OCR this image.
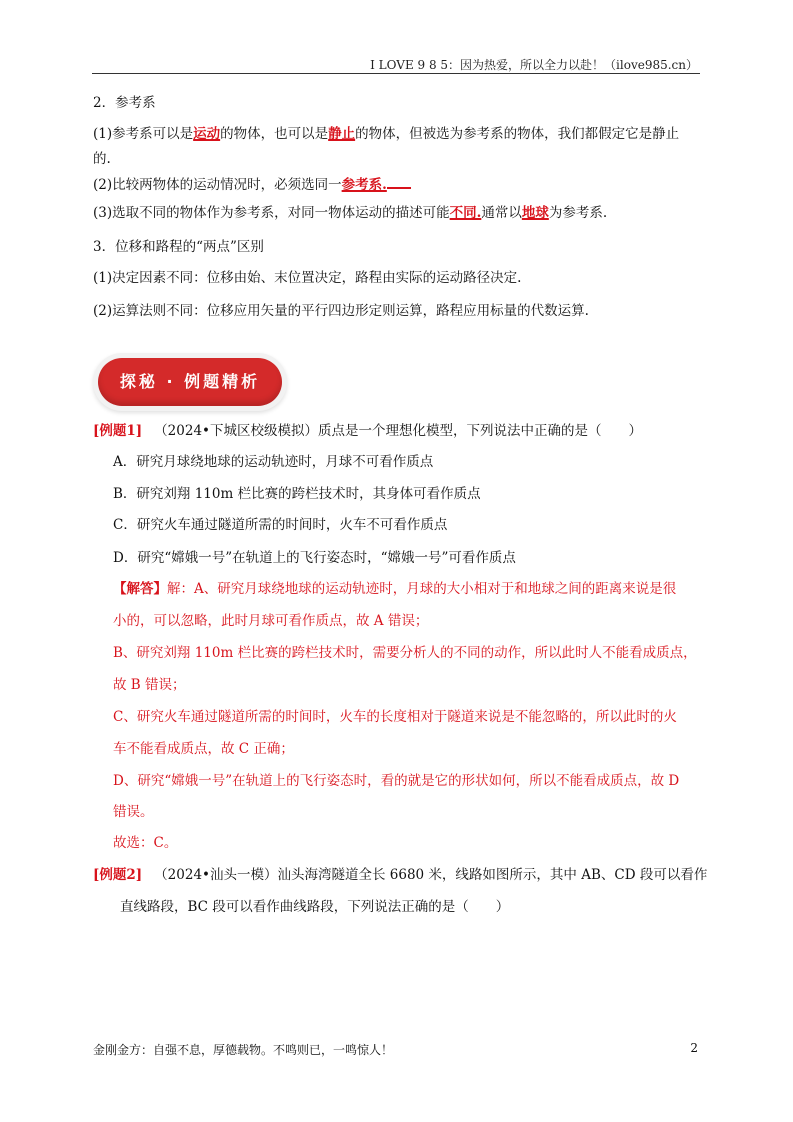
I LOVE 9 8 5：因为热爱，所以全力以赴！（ilove985.cn）
2．参考系
(1)参考系可以是运动的物体，也可以是静止的物体，但被选为参考系的物体，我们都假定它是静止
的.
(2)比较两物体的运动情况时，必须选同一参考系.
(3)选取不同的物体作为参考系，对同一物体运动的描述可能不同.通常以地球为参考系.
3．位移和路程的“两点”区别
(1)决定因素不同：位移由始、末位置决定，路程由实际的运动路径决定.
(2)运算法则不同：位移应用矢量的平行四边形定则运算，路程应用标量的代数运算.
探秘 · 例题精析
[例题1] （2024•下城区校级模拟）质点是一个理想化模型，下列说法中正确的是（　　）
A．研究月球绕地球的运动轨迹时，月球不可看作质点
B．研究刘翔 110m 栏比赛的跨栏技术时，其身体可看作质点
C．研究火车通过隧道所需的时间时，火车不可看作质点
D．研究“嫦娥一号”在轨道上的飞行姿态时，“嫦娥一号”可看作质点
【解答】解：A、研究月球绕地球的运动轨迹时，月球的大小相对于和地球之间的距离来说是很
小的，可以忽略，此时月球可看作质点，故 A 错误；
B、研究刘翔 110m 栏比赛的跨栏技术时，需要分析人的不同的动作，所以此时人不能看成质点，
故 B 错误；
C、研究火车通过隧道所需的时间时，火车的长度相对于隧道来说是不能忽略的，所以此时的火
车不能看成质点，故 C 正确；
D、研究“嫦娥一号”在轨道上的飞行姿态时，看的就是它的形状如何，所以不能看成质点，故 D
错误。
故选：C。
[例题2] （2024•汕头一模）汕头海湾隧道全长 6680 米，线路如图所示，其中 AB、CD 段可以看作
直线路段，BC 段可以看作曲线路段，下列说法正确的是（　　）
金刚金方：自强不息，厚德载物。不鸣则已，一鸣惊人！	2
